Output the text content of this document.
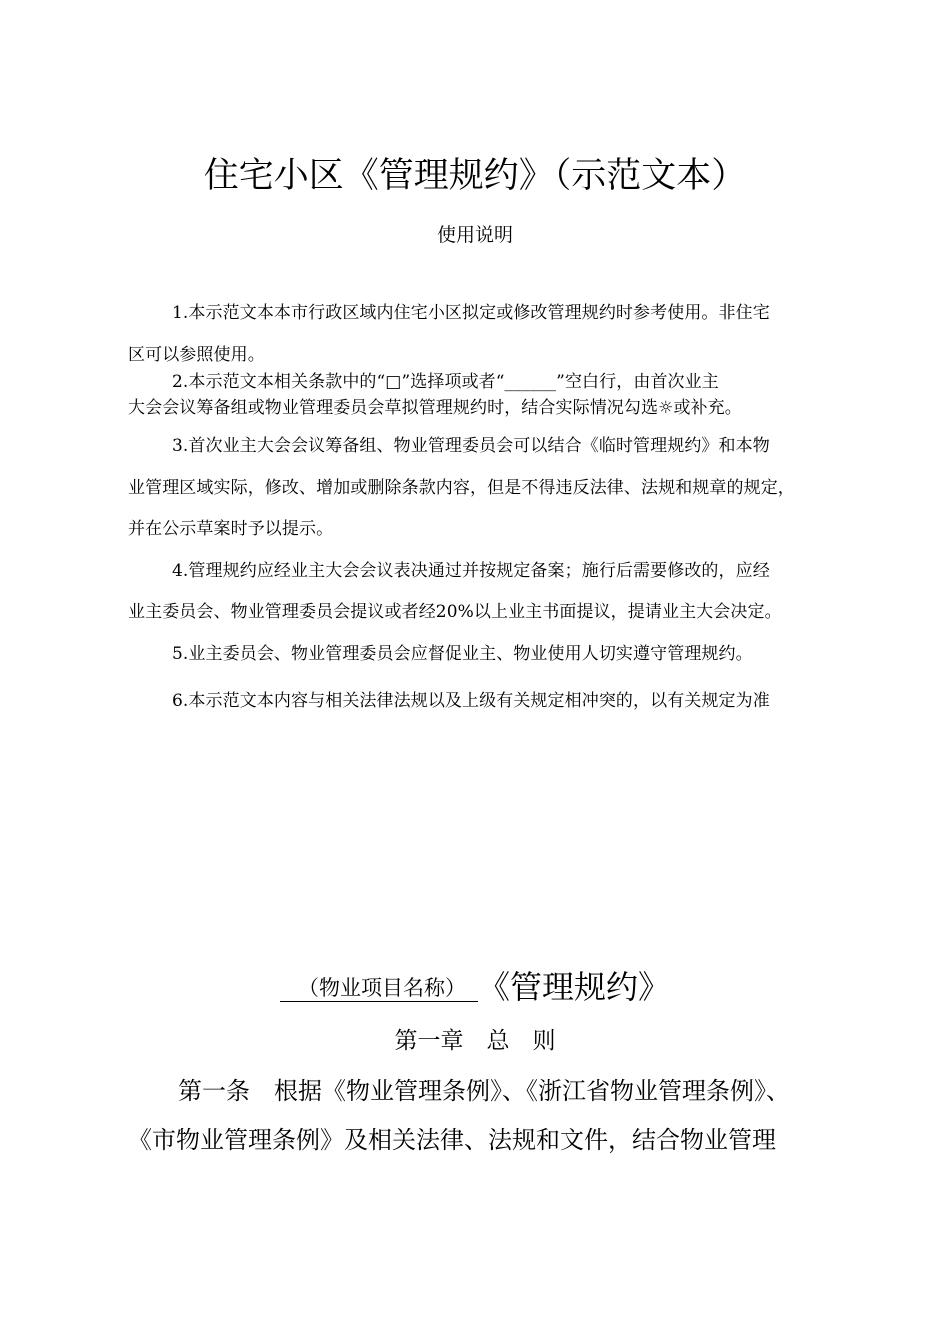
住宅小区《管理规约》（示范文本）
使用说明
1.本示范文本本市行政区域内住宅小区拟定或修改管理规约时参考使用。非住宅
区可以参照使用。
2.本示范文本相关条款中的“□”选择项或者“______”空白行，由首次业主
大会会议筹备组或物业管理委员会草拟管理规约时，结合实际情况勾选☼或补充。
3.首次业主大会会议筹备组、物业管理委员会可以结合《临时管理规约》和本物
业管理区域实际，修改、增加或删除条款内容，但是不得违反法律、法规和规章的规定，
并在公示草案时予以提示。
4.管理规约应经业主大会会议表决通过并按规定备案；施行后需要修改的，应经
业主委员会、物业管理委员会提议或者经20%以上业主书面提议，提请业主大会决定。
5.业主委员会、物业管理委员会应督促业主、物业使用人切实遵守管理规约。
6.本示范文本内容与相关法律法规以及上级有关规定相冲突的，以有关规定为准
（物业项目名称） 《管理规约》
第一章　总　则
第一条　根据《物业管理条例》、《浙江省物业管理条例》、
《市物业管理条例》及相关法律、法规和文件，结合物业管理
